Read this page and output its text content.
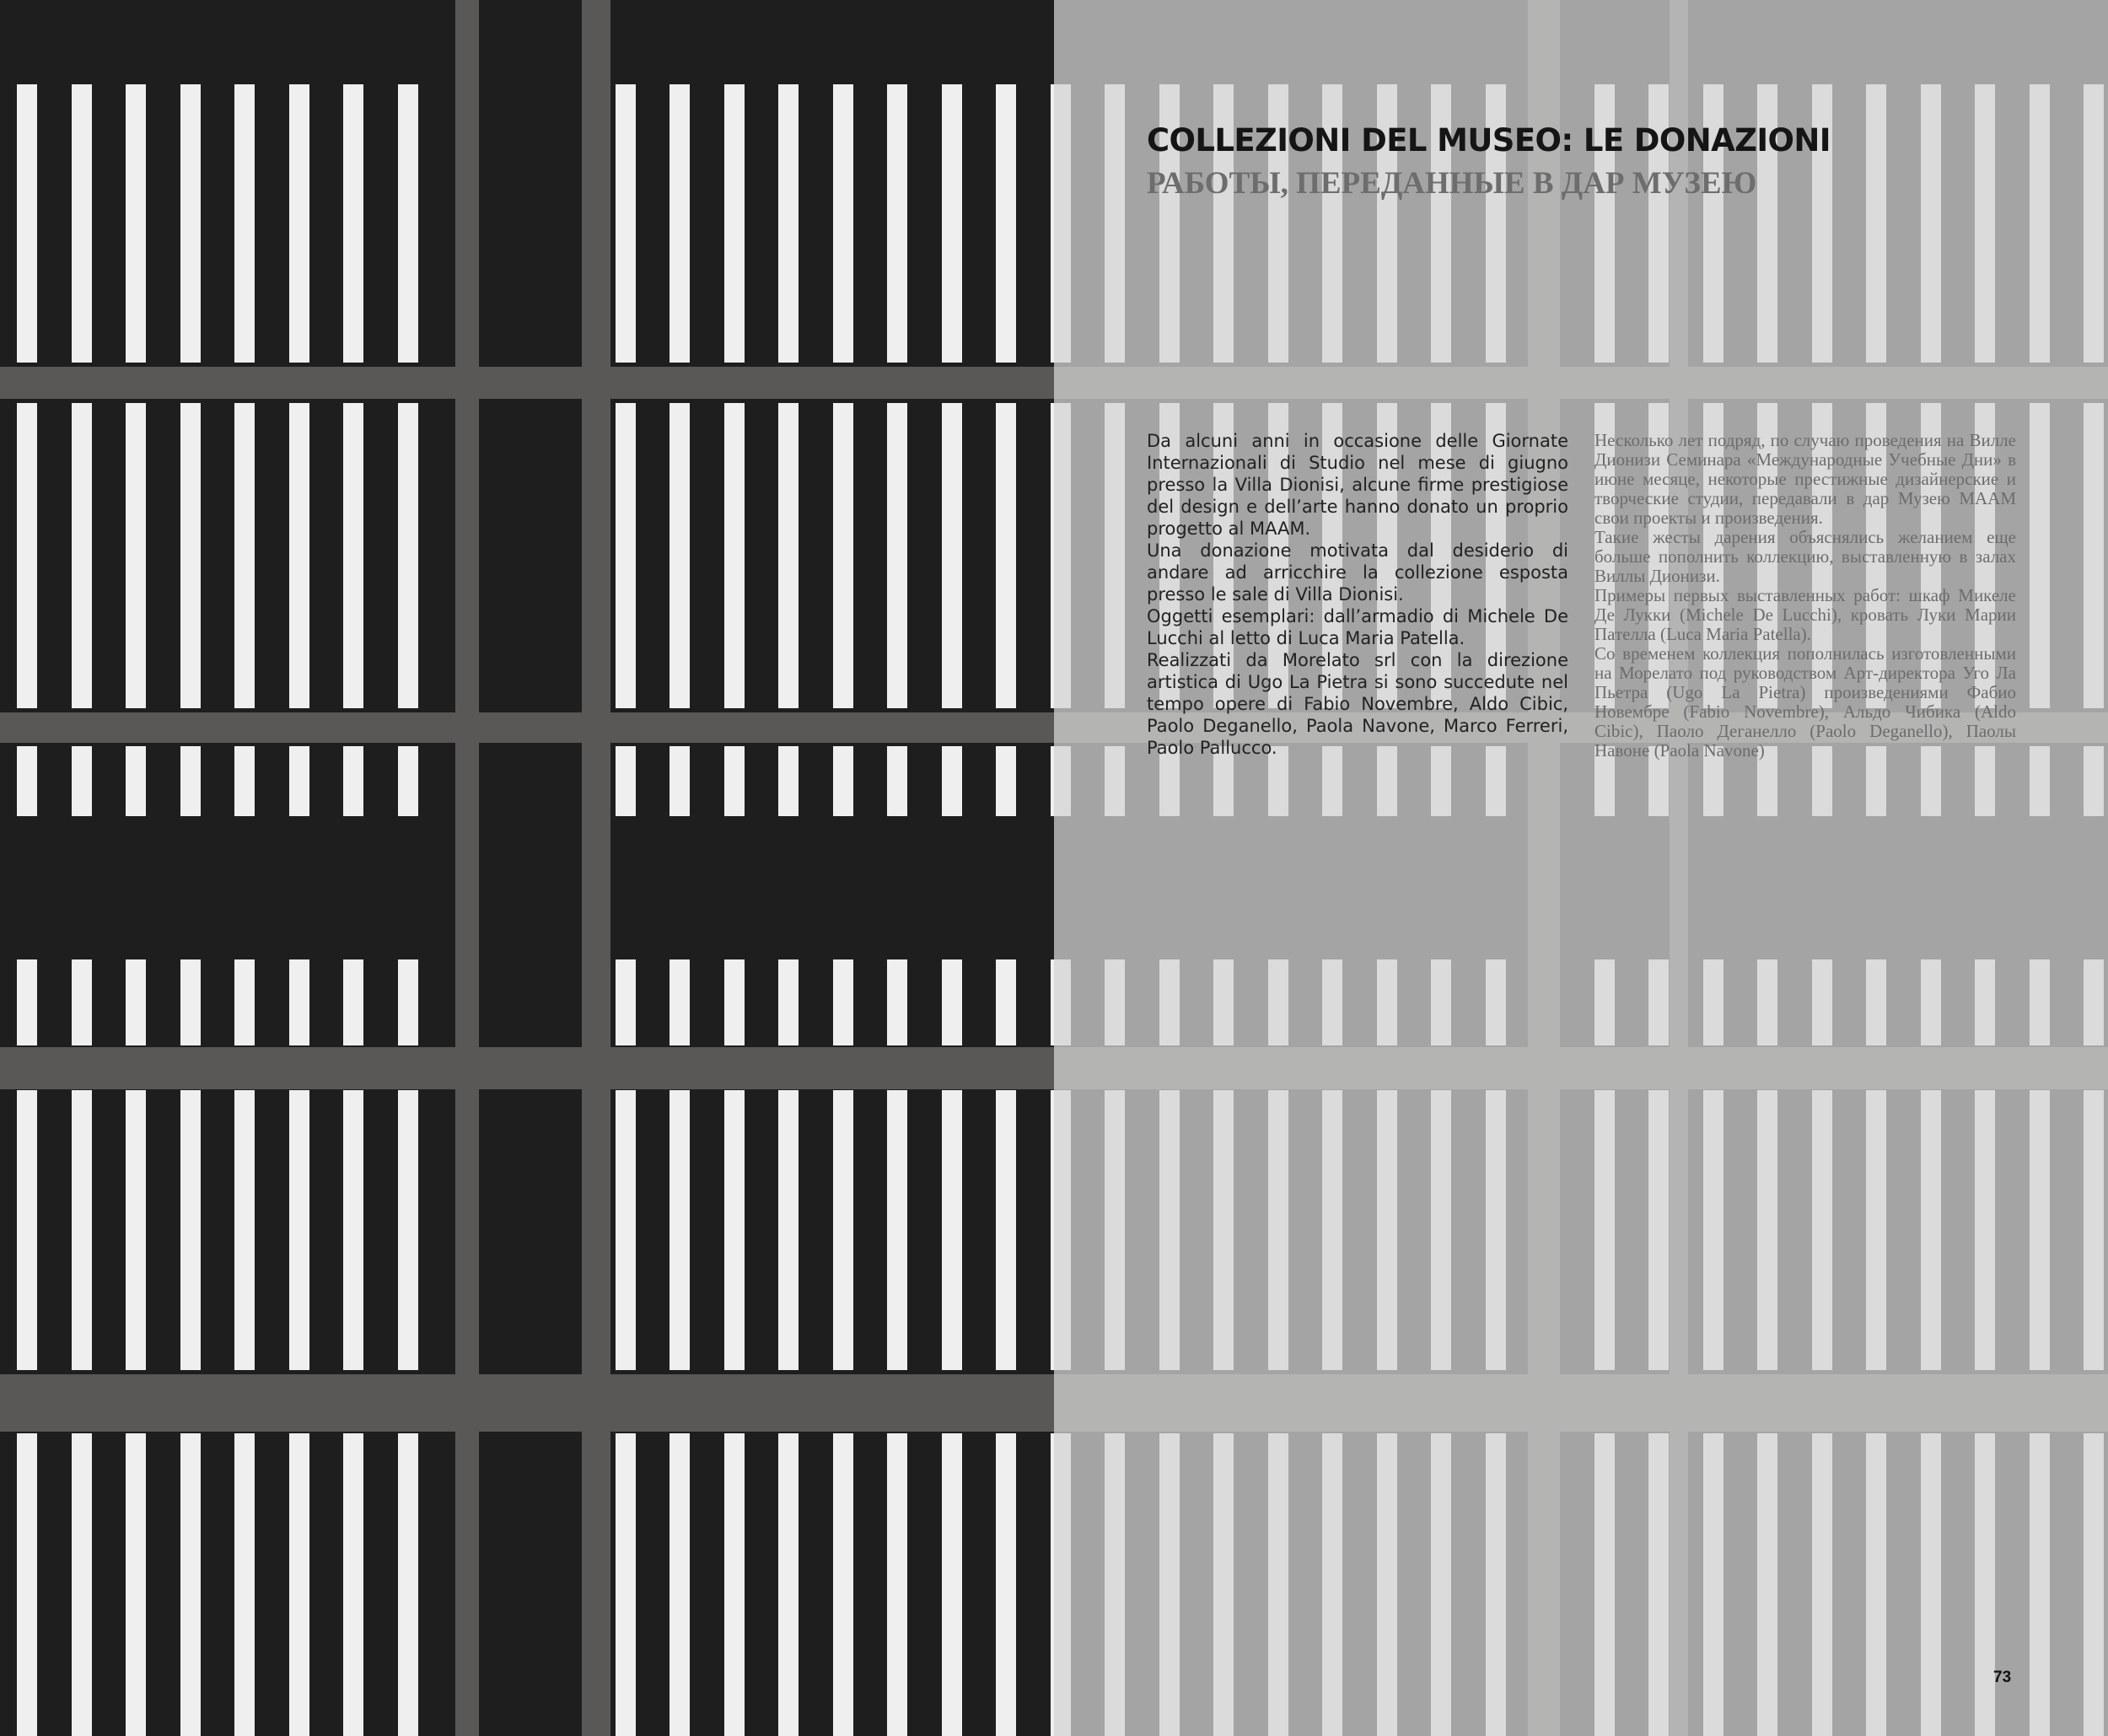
COLLEZIONI DEL MUSEO: LE DONAZIONI
РАБОТЫ, ПЕРЕДАННЫЕ В ДАР МУЗЕЮ

Da alcuni anni in occasione delle Giornate Internazionali di Studio nel mese di giugno presso la Villa Dionisi, alcune firme prestigiose del design e dell’arte hanno donato un proprio progetto al MAAM.

Una donazione motivata dal desiderio di andare ad arricchire la collezione esposta presso le sale di Villa Dionisi.

Oggetti esemplari: dall’armadio di Michele De Lucchi al letto di Luca Maria Patella.

Realizzati da Morelato srl con la direzione artistica di Ugo La Pietra si sono succedute nel tempo opere di Fabio Novembre, Aldo Cibic, Paolo Deganello, Paola Navone, Marco Ferreri, Paolo Pallucco.

Несколько лет подряд, по случаю проведения на Вилле Дионизи Семинара «Международные Учебные Дни» в июне месяце, некоторые престижные дизайнерские и творческие студии, передавали в дар Музею МААМ свои проекты и произведения.

Такие жесты дарения объяснялись желанием еще больше пополнить коллекцию, выставленную в залах Виллы Дионизи.

Примеры первых выставленных работ: шкаф Микеле Де Лукки (Michele De Lucchi), кровать Луки Марии Пателла (Luca Maria Patella).

Со временем коллекция пополнилась изготовленными на Морелато под руководством Арт-директора Уго Ла Пьетра (Ugo La Pietra) произведениями Фабио Новембре (Fabio Novembre), Альдо Чибика (Aldo Cibic), Паоло Деганелло (Paolo Deganello), Паолы Навоне (Paola Navone)

73
